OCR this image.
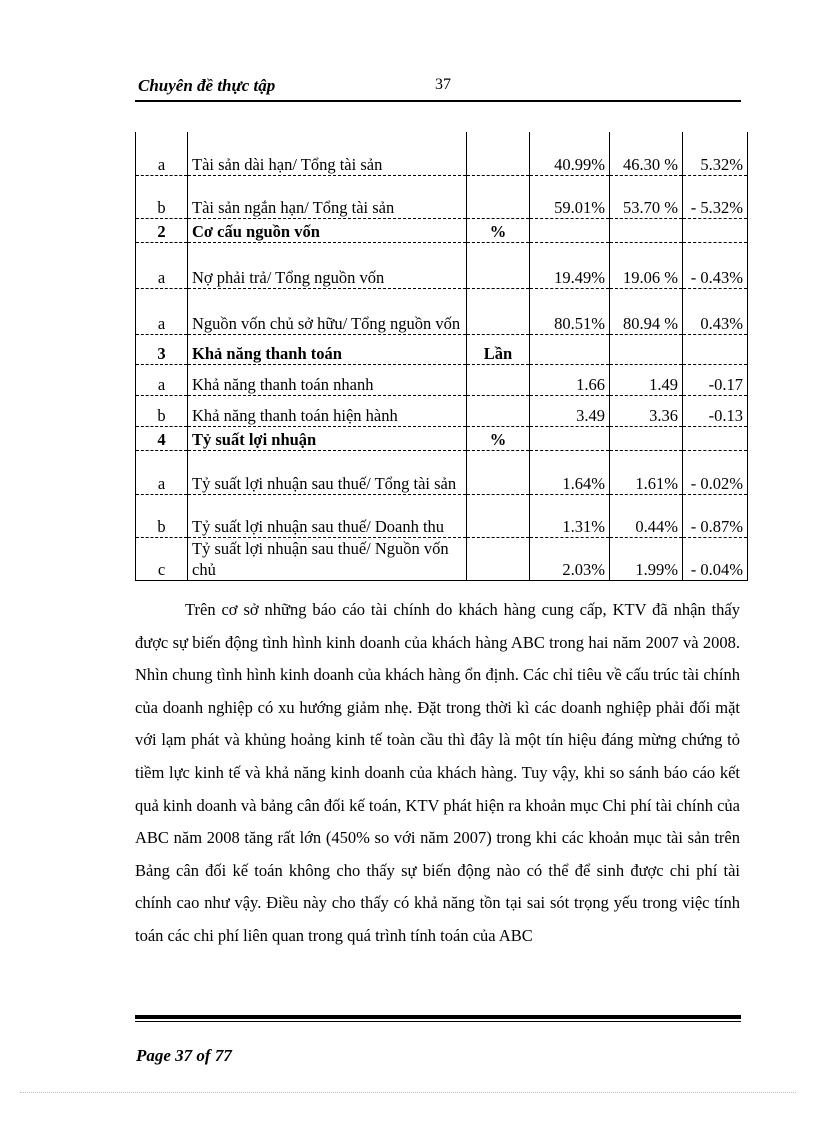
Chuyên đề thực tập	37
a	Tài sản dài hạn/ Tổng tài sản		40.99%	46.30 %	5.32%
b	Tài sản ngắn hạn/ Tổng tài sản		59.01%	53.70 %	- 5.32%
2	Cơ cấu nguồn vốn	%			
a	Nợ phải trả/ Tổng nguồn vốn		19.49%	19.06 %	- 0.43%
a	Nguồn vốn chủ sở hữu/ Tổng nguồn vốn		80.51%	80.94 %	0.43%
3	Khả năng thanh toán	Lần			
a	Khả năng thanh toán nhanh		1.66	1.49	-0.17
b	Khả năng thanh toán hiện hành		3.49	3.36	-0.13
4	Tỷ suất lợi nhuận	%			
a	Tỷ suất lợi nhuận sau thuế/ Tổng tài sản		1.64%	1.61%	- 0.02%
b	Tỷ suất lợi nhuận sau thuế/ Doanh thu		1.31%	0.44%	- 0.87%
c	Tỷ suất lợi nhuận sau thuế/ Nguồn vốn chủ		2.03%	1.99%	- 0.04%

Trên cơ sở những báo cáo tài chính do khách hàng cung cấp, KTV đã nhận thấy được sự biến động tình hình kinh doanh của khách hàng ABC trong hai năm 2007 và 2008. Nhìn chung tình hình kinh doanh của khách hàng ổn định. Các chỉ tiêu về cấu trúc tài chính của doanh nghiệp có xu hướng giảm nhẹ. Đặt trong thời kì các doanh nghiệp phải đối mặt với lạm phát và khủng hoảng kinh tế toàn cầu thì đây là một tín hiệu đáng mừng chứng tỏ tiềm lực kinh tế và khả năng kinh doanh của khách hàng. Tuy vậy, khi so sánh báo cáo kết quả kinh doanh và bảng cân đối kế toán, KTV phát hiện ra khoản mục Chi phí tài chính của ABC năm 2008 tăng rất lớn (450% so với năm 2007) trong khi các khoản mục tài sản trên Bảng cân đối kế toán không cho thấy sự biến động nào có thể để sinh được chi phí tài chính cao như vậy. Điều này cho thấy có khả năng tồn tại sai sót trọng yếu trong việc tính toán các chi phí liên quan trong quá trình tính toán của ABC

Page 37 of 77
